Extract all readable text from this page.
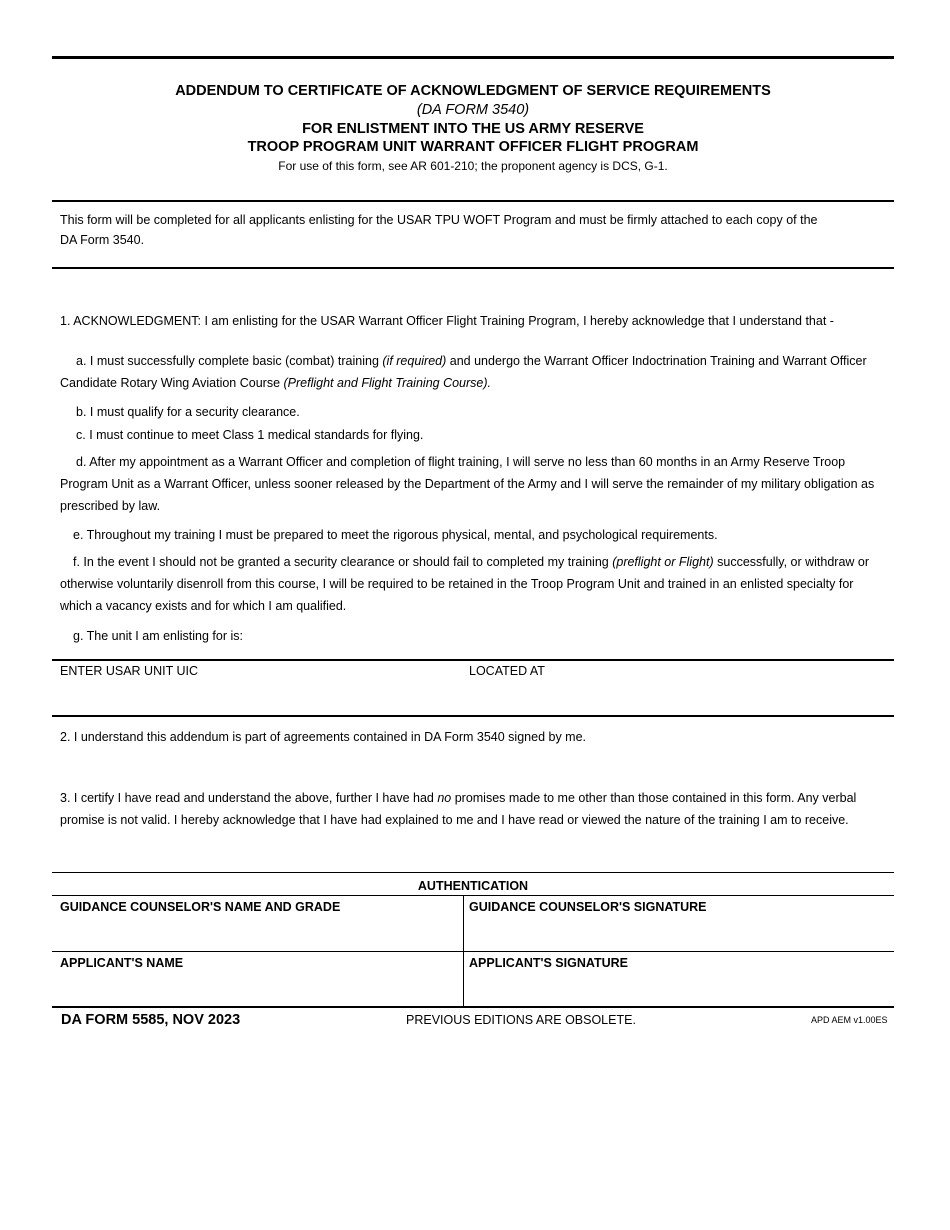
ADDENDUM TO CERTIFICATE OF ACKNOWLEDGMENT OF SERVICE REQUIREMENTS
(DA FORM 3540)
FOR ENLISTMENT INTO THE US ARMY RESERVE
TROOP PROGRAM UNIT WARRANT OFFICER FLIGHT PROGRAM
For use of this form, see AR 601-210; the proponent agency is DCS, G-1.
This form will be completed for all applicants enlisting for the USAR TPU WOFT Program and must be firmly attached to each copy of the
DA Form 3540.
1. ACKNOWLEDGMENT: I am enlisting for the USAR Warrant Officer Flight Training Program, I hereby acknowledge that I understand that -
a. I must successfully complete basic (combat) training (if required) and undergo the Warrant Officer Indoctrination Training and Warrant Officer Candidate Rotary Wing Aviation Course (Preflight and Flight Training Course).
b. I must qualify for a security clearance.
c. I must continue to meet Class 1 medical standards for flying.
d. After my appointment as a Warrant Officer and completion of flight training, I will serve no less than 60 months in an Army Reserve Troop Program Unit as a Warrant Officer, unless sooner released by the Department of the Army and I will serve the remainder of my military obligation as prescribed by law.
e. Throughout my training I must be prepared to meet the rigorous physical, mental, and psychological requirements.
f. In the event I should not be granted a security clearance or should fail to completed my training (preflight or Flight) successfully, or withdraw or otherwise voluntarily disenroll from this course, I will be required to be retained in the Troop Program Unit and trained in an enlisted specialty for which a vacancy exists and for which I am qualified.
g. The unit I am enlisting for is:
ENTER USAR UNIT UIC	LOCATED AT
2. I understand this addendum is part of agreements contained in DA Form 3540 signed by me.
3. I certify I have read and understand the above, further I have had no promises made to me other than those contained in this form. Any verbal promise is not valid. I hereby acknowledge that I have had explained to me and I have read or viewed the nature of the training I am to receive.
AUTHENTICATION
GUIDANCE COUNSELOR'S NAME AND GRADE	GUIDANCE COUNSELOR'S SIGNATURE
APPLICANT'S NAME	APPLICANT'S SIGNATURE
DA FORM 5585, NOV 2023	PREVIOUS EDITIONS ARE OBSOLETE.	APD AEM v1.00ES
